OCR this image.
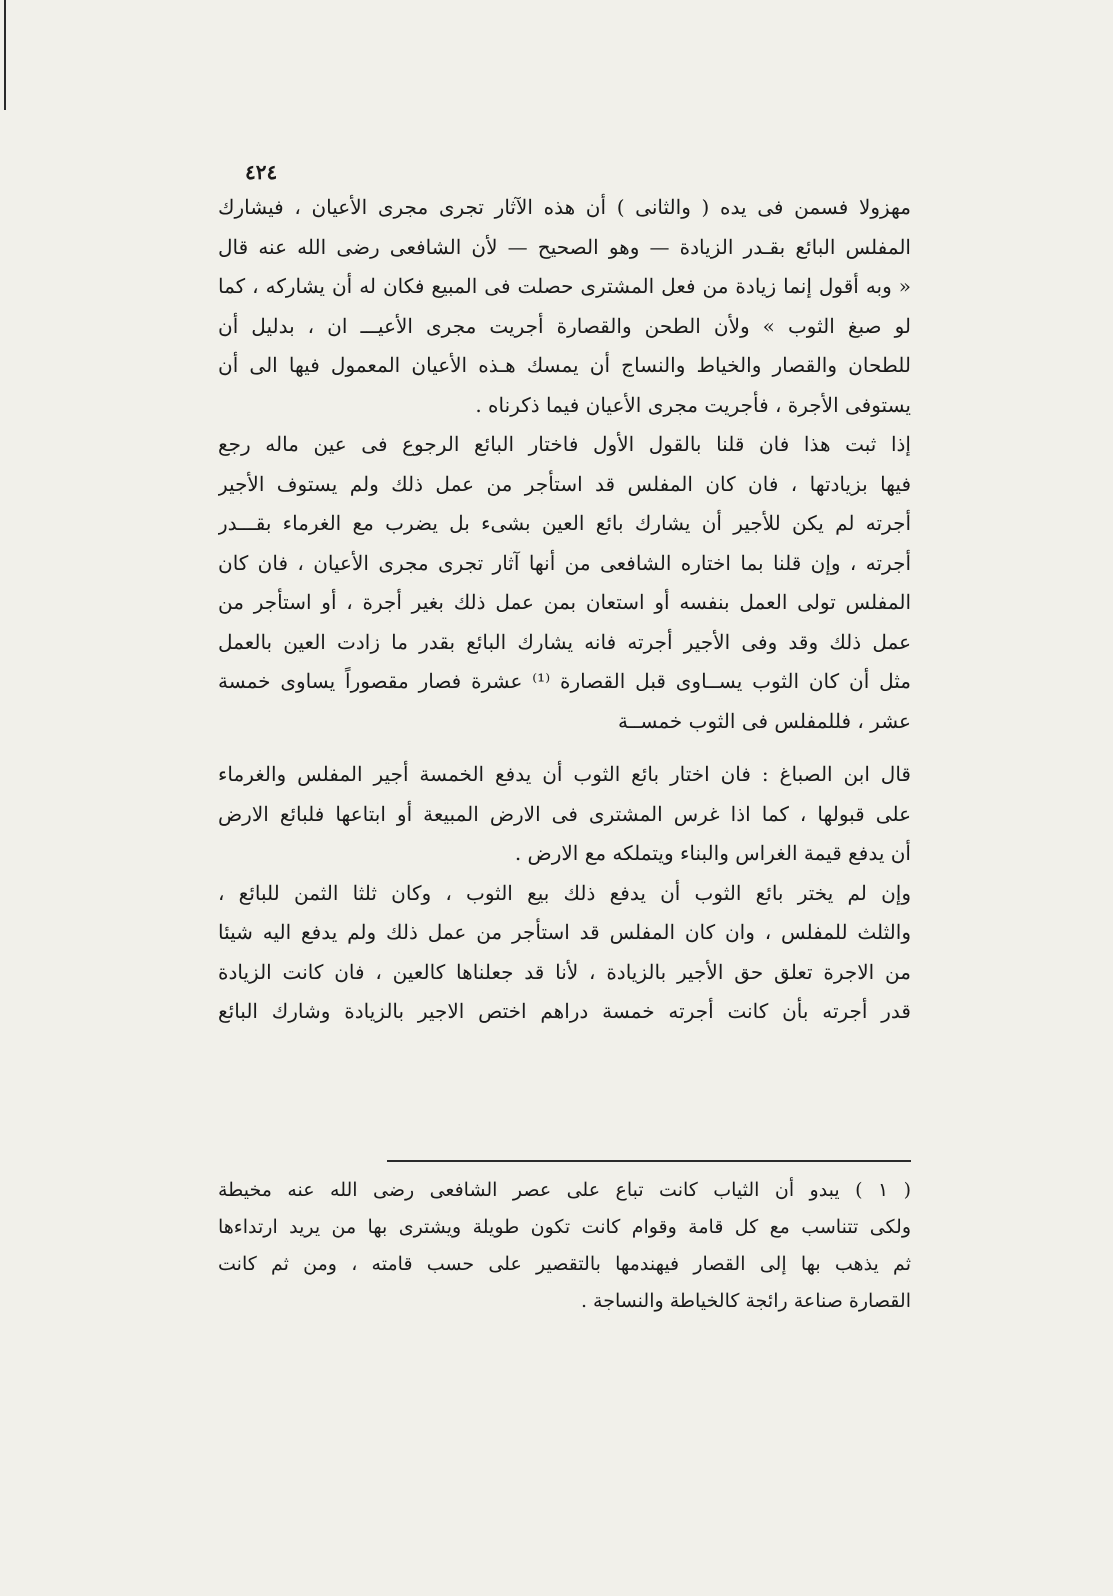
٤٢٤
مهزولا فسمن فى يده ( والثانى ) أن هذه الآثار تجرى مجرى الأعيان ، فيشارك
المفلس البائع بقـدر الزيادة — وهو الصحيح — لأن الشافعى رضى الله عنه قال
« وبه أقول إنما زيادة من فعل المشترى حصلت فى المبيع فكان له أن يشاركه ، كما
لو صبغ الثوب » ولأن الطحن والقصارة أجريت مجرى الأعيـــ ان ، بدليل أن
للطحان والقصار والخياط والنساج أن يمسك هـذه الأعيان المعمول فيها الى أن
يستوفى الأجرة ، فأجريت مجرى الأعيان فيما ذكرناه .
إذا ثبت هذا فان قلنا بالقول الأول فاختار البائع الرجوع فى عين ماله رجع
فيها بزيادتها ، فان كان المفلس قد استأجر من عمل ذلك ولم يستوف الأجير
أجرته لم يكن للأجير أن يشارك بائع العين بشىء بل يضرب مع الغرماء بقـــدر
أجرته ، وإن قلنا بما اختاره الشافعى من أنها آثار تجرى مجرى الأعيان ، فان كان
المفلس تولى العمل بنفسه أو استعان بمن عمل ذلك بغير أجرة ، أو استأجر من
عمل ذلك وقد وفى الأجير أجرته فانه يشارك البائع بقدر ما زادت العين بالعمل
مثل أن كان الثوب يســاوى قبل القصارة ⁽¹⁾ عشرة فصار مقصوراً يساوى خمسة
عشر ، فللمفلس فى الثوب خمســة
قال ابن الصباغ : فان اختار بائع الثوب أن يدفع الخمسة أجير المفلس والغرماء
على قبولها ، كما اذا غرس المشترى فى الارض المبيعة أو ابتاعها فلبائع الارض
أن يدفع قيمة الغراس والبناء ويتملكه مع الارض .
وإن لم يختر بائع الثوب أن يدفع ذلك بيع الثوب ، وكان ثلثا الثمن للبائع ،
والثلث للمفلس ، وان كان المفلس قد استأجر من عمل ذلك ولم يدفع اليه شيئا
من الاجرة تعلق حق الأجير بالزيادة ، لأنا قد جعلناها كالعين ، فان كانت الزيادة
قدر أجرته بأن كانت أجرته خمسة دراهم اختص الاجير بالزيادة وشارك البائع
( ١ ) يبدو أن الثياب كانت تباع على عصر الشافعى رضى الله عنه مخيطة
ولكى تتناسب مع كل قامة وقوام كانت تكون طويلة ويشترى بها من يريد ارتداءها
ثم يذهب بها إلى القصار فيهندمها بالتقصير على حسب قامته ، ومن ثم كانت
القصارة صناعة رائجة كالخياطة والنساجة .
